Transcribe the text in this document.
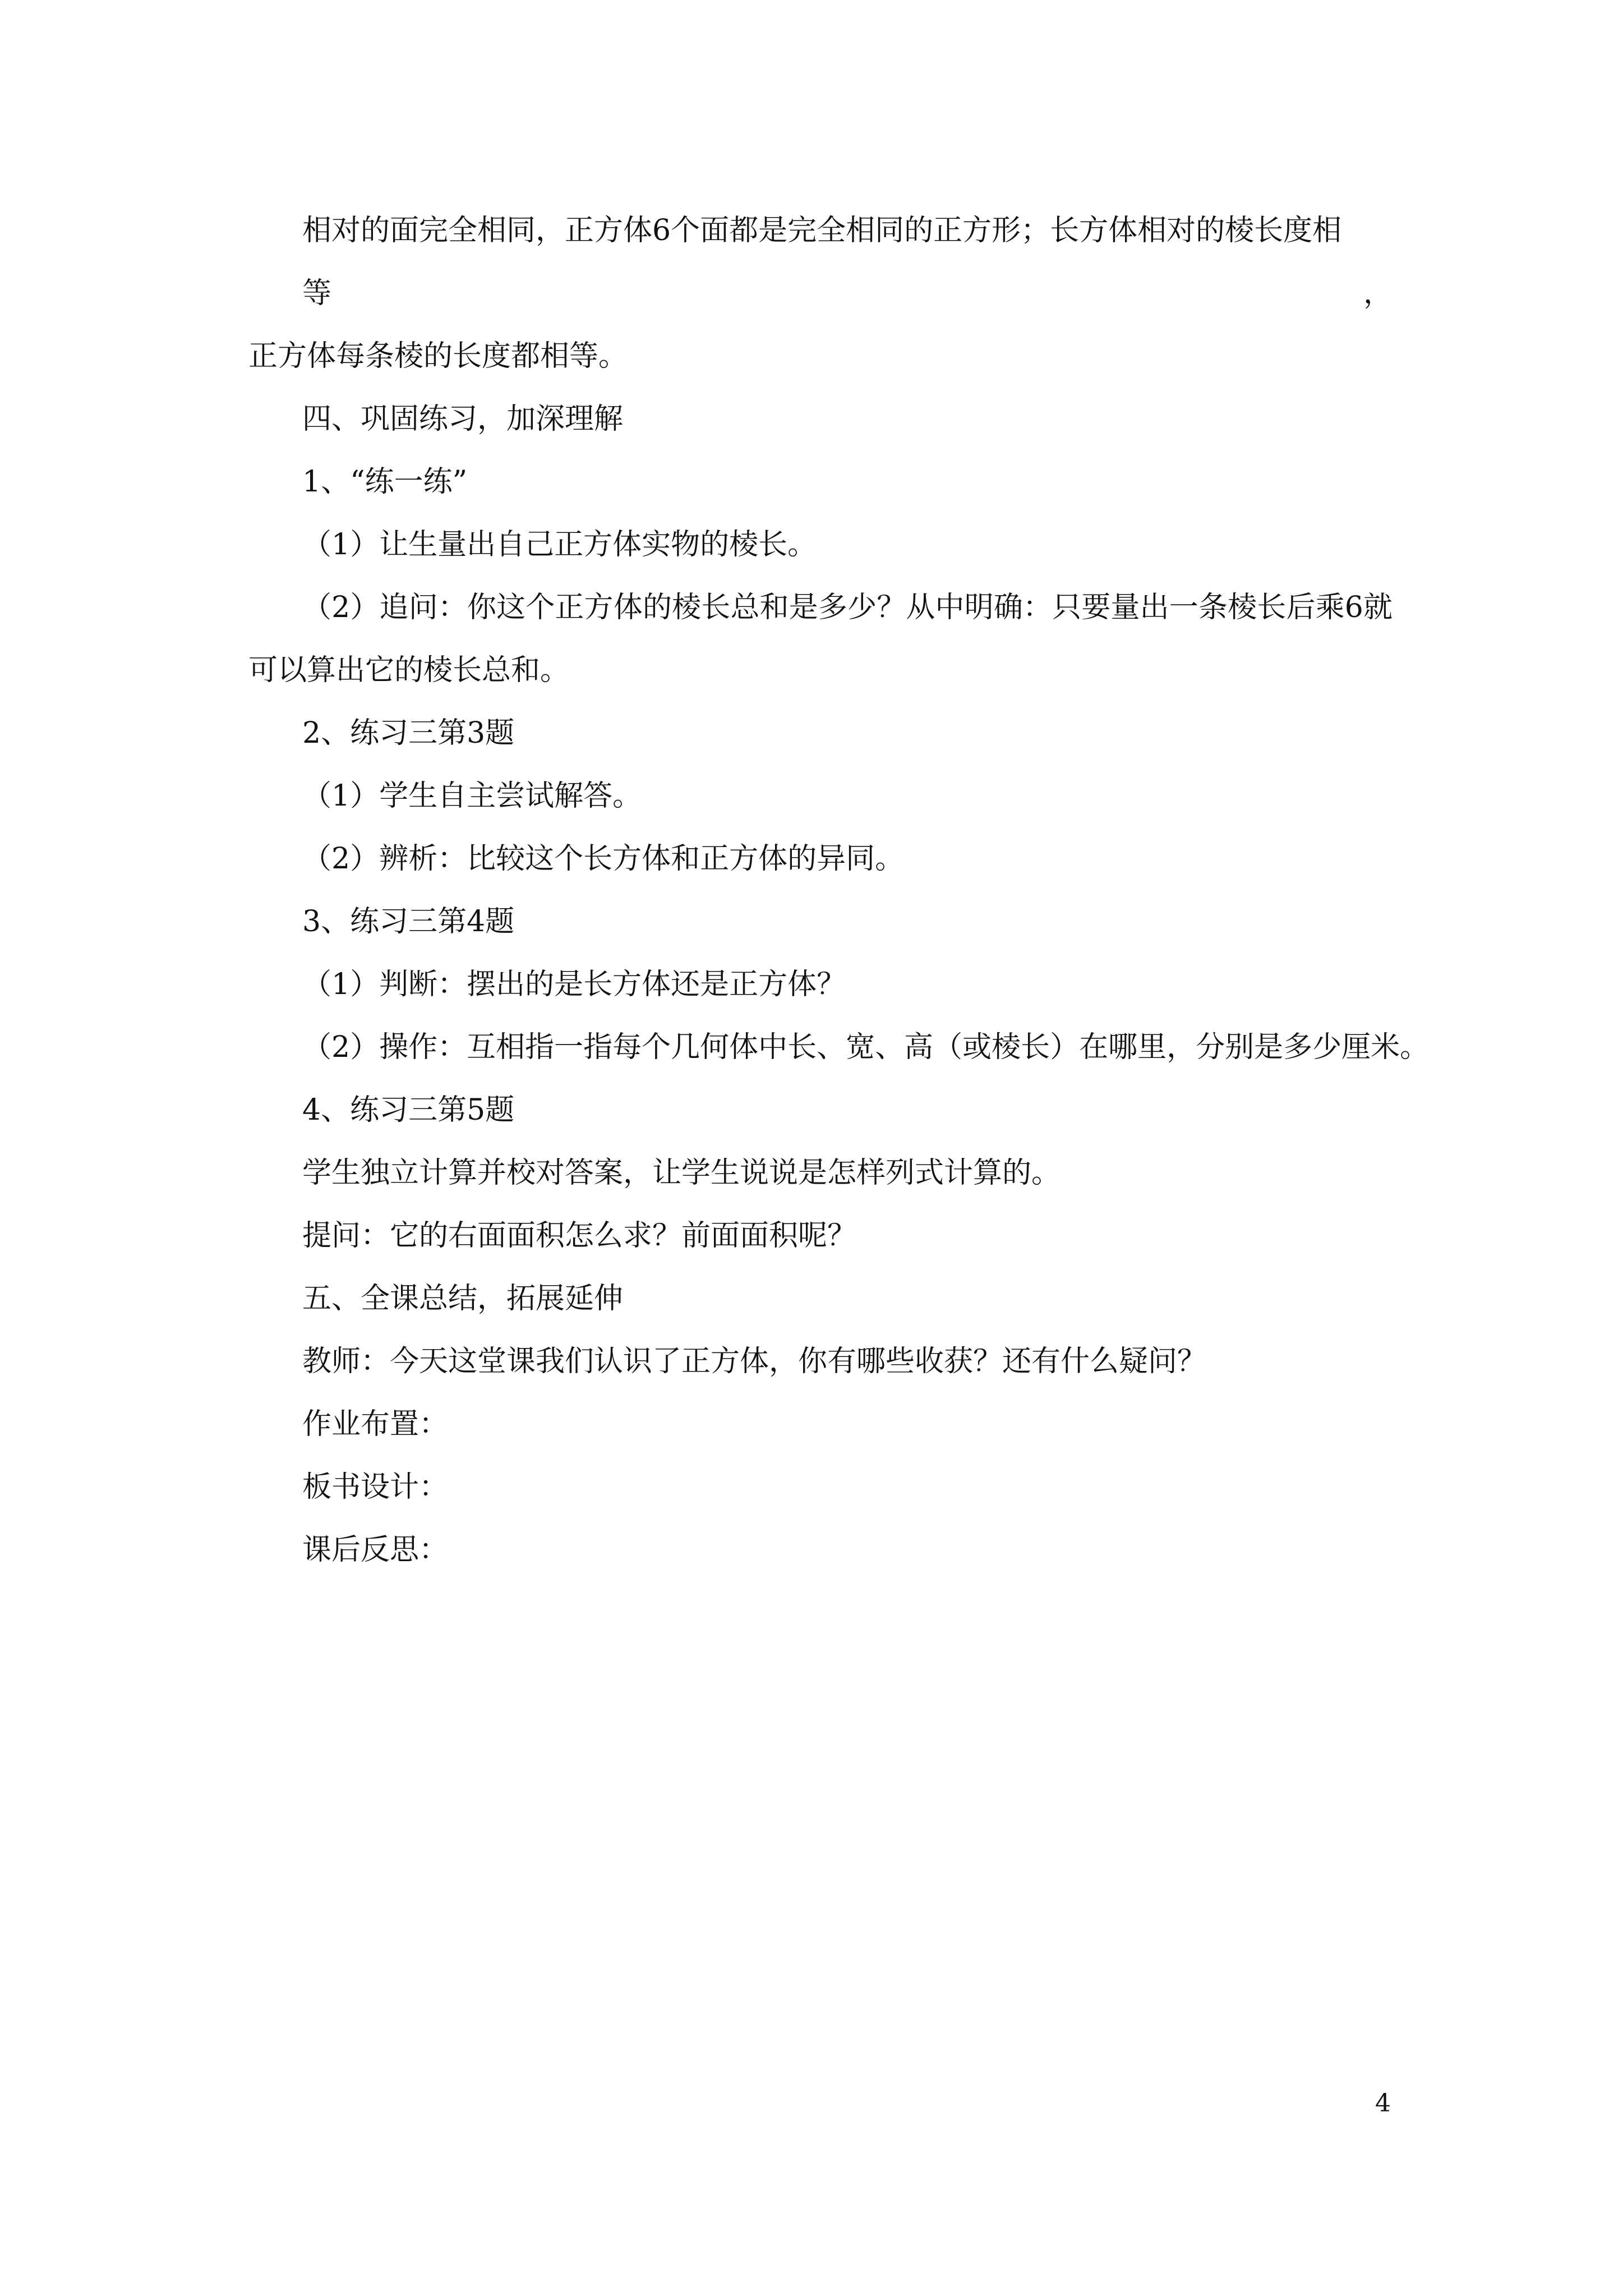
相对的面完全相同，正方体6个面都是完全相同的正方形；长方体相对的棱长度相等，

正方体每条棱的长度都相等。

四、巩固练习，加深理解

1、“练一练”

（1）让生量出自己正方体实物的棱长。

（2）追问：你这个正方体的棱长总和是多少？从中明确：只要量出一条棱长后乘6就

可以算出它的棱长总和。

2、练习三第3题

（1）学生自主尝试解答。

（2）辨析：比较这个长方体和正方体的异同。

3、练习三第4题

（1）判断：摆出的是长方体还是正方体？

（2）操作：互相指一指每个几何体中长、宽、高（或棱长）在哪里，分别是多少厘米。

4、练习三第5题

学生独立计算并校对答案，让学生说说是怎样列式计算的。

提问：它的右面面积怎么求？前面面积呢？

五、全课总结，拓展延伸

教师：今天这堂课我们认识了正方体，你有哪些收获？还有什么疑问？

作业布置：

板书设计：

课后反思：

4
